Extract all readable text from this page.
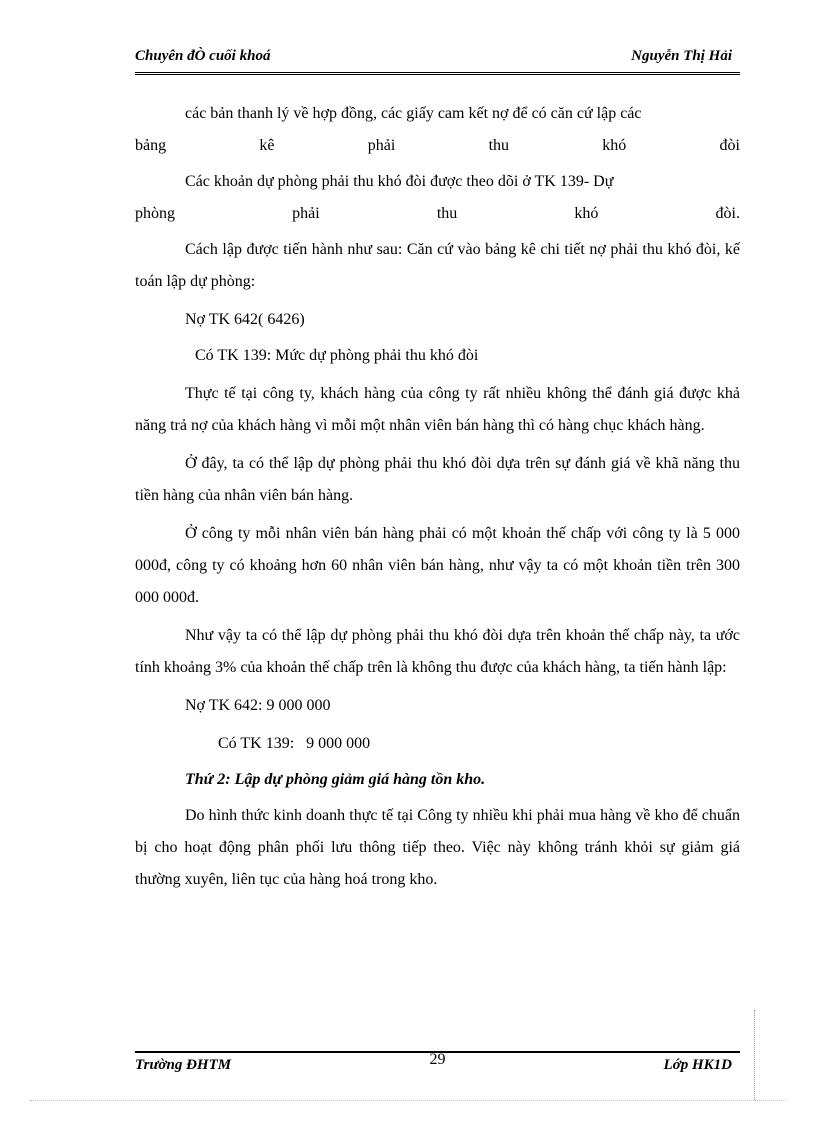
Chuyên đÒ cuối khoá	Nguyễn Thị Hải

các bản thanh lý về hợp đồng, các giấy cam kết nợ để có căn cứ lập các

bảng kê phải thu khó đòi

Các khoản dự phòng phải thu khó đòi được theo dõi ở TK 139- Dự

phòng phải thu khó đòi.

Cách lập được tiến hành như sau: Căn cứ vào bảng kê chi tiết nợ phải thu khó đòi, kế toán lập dự phòng:

Nợ TK 642( 6426)

Có TK 139: Mức dự phòng phải thu khó đòi

Thực tế tại công ty, khách hàng của công ty rất nhiều không thể đánh giá được khả năng trả nợ của khách hàng vì mỗi một nhân viên bán hàng thì có hàng chục khách hàng.

Ở đây, ta có thể lập dự phòng phải thu khó đòi dựa trên sự đánh giá về khã năng thu tiền hàng của nhân viên bán hàng.

Ở công ty mỗi nhân viên bán hàng phải có một khoản thế chấp với công ty là 5 000 000đ, công ty có khoảng hơn 60 nhân viên bán hàng, như vậy ta có một khoản tiền trên 300 000 000đ.

Như vậy ta có thể lập dự phòng phải thu khó đòi dựa trên khoản thế chấp này, ta ước tính khoảng 3% của khoản thế chấp trên là không thu được của khách hàng, ta tiến hành lập:

Nợ TK 642: 9 000 000

Có TK 139:   9 000 000

Thứ 2: Lập dự phòng giảm giá hàng tồn kho.

Do hình thức kinh doanh thực tế tại Công ty nhiều khi phải mua hàng về kho để chuẩn bị cho hoạt động phân phối lưu thông tiếp theo. Việc này không tránh khỏi sự giảm giá thường xuyên, liên tục của hàng hoá trong kho.

Trường ĐHTM	29	Lớp HK1D
